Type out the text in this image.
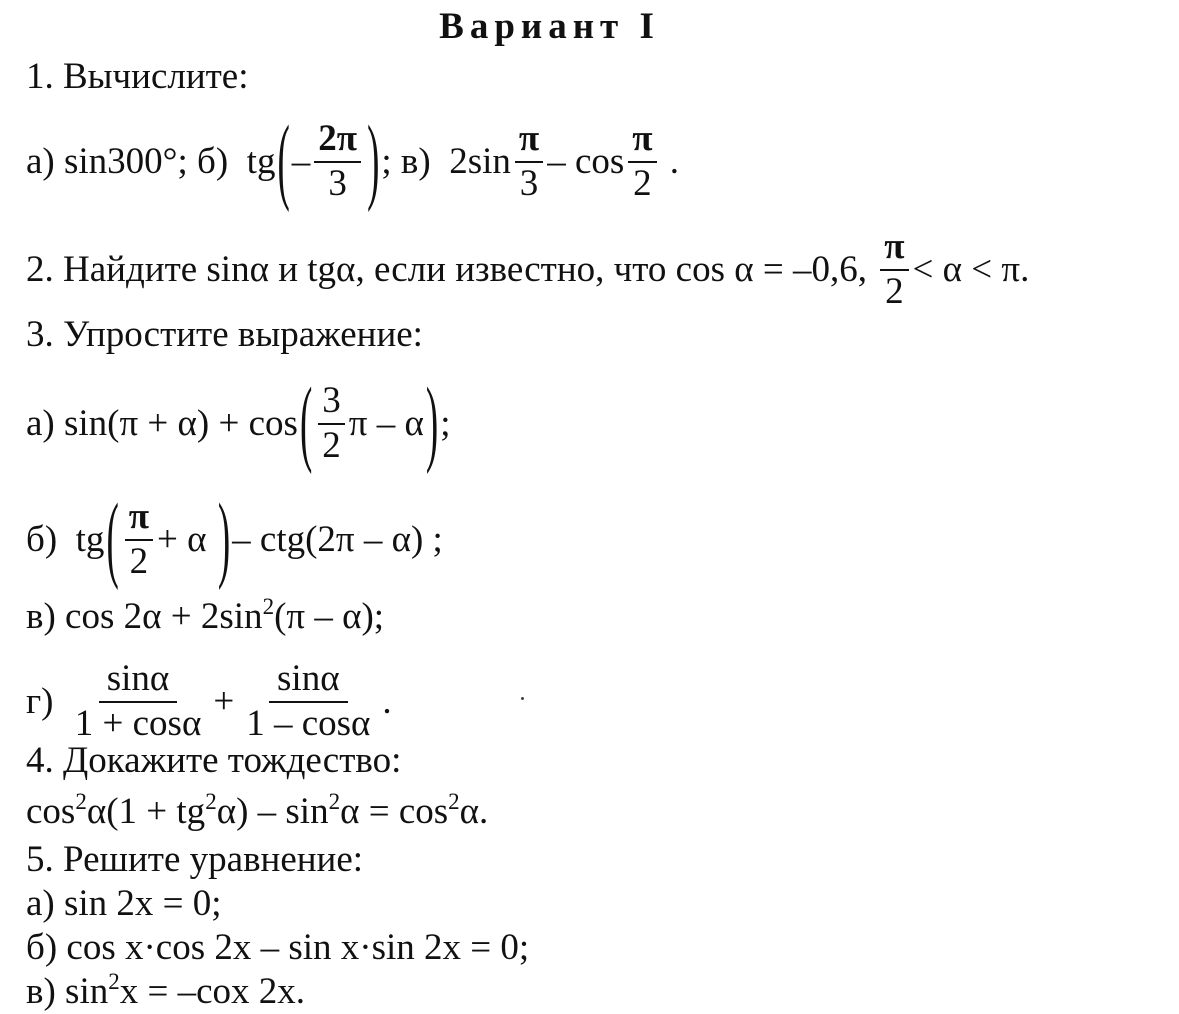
Вариант I
1. Вычислите:
а)
sin300°;
б)
tg ( – $\frac{2\pi}{3}$ ) ;
в)
$2\sin \frac{\pi}{3}$ – $\cos \frac{\pi}{2}$
.
2. Найдите sinα и tgα, если известно, что cos α = –0,6,
$\frac{\pi}{2} < \alpha < \pi$.
3. Упростите выражение:
а)
sin(π + α) + cos ( $\frac{3}{2}$ π – α ) ;
б)
tg ( $\frac{\pi}{2} + \alpha$
) – ctg(2π – α) ;
в) $\cos 2\alpha + 2\sin^2(\pi - \alpha)$;
г)
$\frac{\sin\alpha}{1 + \cos\alpha} + \frac{\sin\alpha}{1 - \cos\alpha}$ .
4. Докажите тождество:
$\cos^2\alpha(1 + tg^2\alpha) - \sin^2\alpha = \cos^2\alpha$.
5. Решите уравнение:
а) sin 2x = 0;
б) cos x·cos 2x – sin x·sin 2x = 0;
в) $\sin^2x = -cox$ 2x.
